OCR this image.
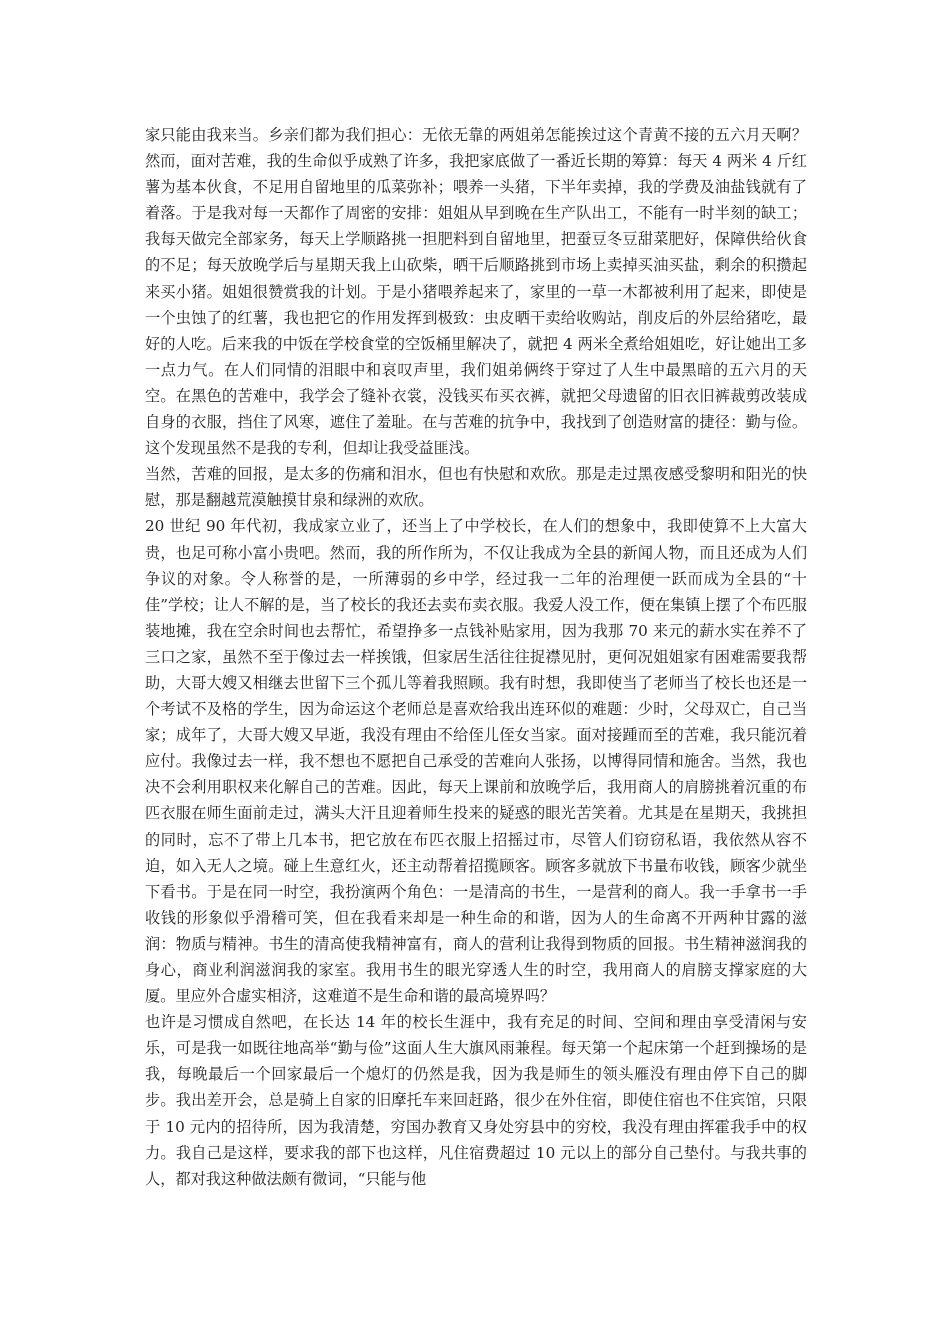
家只能由我来当。乡亲们都为我们担心：无依无靠的两姐弟怎能挨过这个青黄不接的五六月天啊？然而，面对苦难，我的生命似乎成熟了许多，我把家底做了一番近长期的筹算：每天 4 两米 4 斤红薯为基本伙食，不足用自留地里的瓜菜弥补；喂养一头猪，下半年卖掉，我的学费及油盐钱就有了着落。于是我对每一天都作了周密的安排：姐姐从早到晚在生产队出工，不能有一时半刻的缺工；我每天做完全部家务，每天上学顺路挑一担肥料到自留地里，把蚕豆冬豆甜菜肥好，保障供给伙食的不足；每天放晚学后与星期天我上山砍柴，晒干后顺路挑到市场上卖掉买油买盐，剩余的积攒起来买小猪。姐姐很赞赏我的计划。于是小猪喂养起来了，家里的一草一木都被利用了起来，即使是一个虫蚀了的红薯，我也把它的作用发挥到极致：虫皮晒干卖给收购站，削皮后的外层给猪吃，最好的人吃。后来我的中饭在学校食堂的空饭桶里解决了，就把 4 两米全煮给姐姐吃，好让她出工多一点力气。在人们同情的泪眼中和哀叹声里，我们姐弟俩终于穿过了人生中最黑暗的五六月的天空。在黑色的苦难中，我学会了缝补衣裳，没钱买布买衣裤，就把父母遗留的旧衣旧裤裁剪改装成自身的衣服，挡住了风寒，遮住了羞耻。在与苦难的抗争中，我找到了创造财富的捷径：勤与俭。这个发现虽然不是我的专利，但却让我受益匪浅。

当然，苦难的回报，是太多的伤痛和泪水，但也有快慰和欢欣。那是走过黑夜感受黎明和阳光的快慰，那是翻越荒漠触摸甘泉和绿洲的欢欣。

20 世纪 90 年代初，我成家立业了，还当上了中学校长，在人们的想象中，我即使算不上大富大贵，也足可称小富小贵吧。然而，我的所作所为，不仅让我成为全县的新闻人物，而且还成为人们争议的对象。令人称誉的是，一所薄弱的乡中学，经过我一二年的治理便一跃而成为全县的“十佳”学校；让人不解的是，当了校长的我还去卖布卖衣服。我爱人没工作，便在集镇上摆了个布匹服装地摊，我在空余时间也去帮忙，希望挣多一点钱补贴家用，因为我那 70 来元的薪水实在养不了三口之家，虽然不至于像过去一样挨饿，但家居生活往往捉襟见肘，更何况姐姐家有困难需要我帮助，大哥大嫂又相继去世留下三个孤儿等着我照顾。我有时想，我即使当了老师当了校长也还是一个考试不及格的学生，因为命运这个老师总是喜欢给我出连环似的难题：少时，父母双亡，自己当家；成年了，大哥大嫂又早逝，我没有理由不给侄儿侄女当家。面对接踵而至的苦难，我只能沉着应付。我像过去一样，我不想也不愿把自己承受的苦难向人张扬，以博得同情和施舍。当然，我也决不会利用职权来化解自己的苦难。因此，每天上课前和放晚学后，我用商人的肩膀挑着沉重的布匹衣服在师生面前走过，满头大汗且迎着师生投来的疑惑的眼光苦笑着。尤其是在星期天，我挑担的同时，忘不了带上几本书，把它放在布匹衣服上招摇过市，尽管人们窃窃私语，我依然从容不迫，如入无人之境。碰上生意红火，还主动帮着招揽顾客。顾客多就放下书量布收钱，顾客少就坐下看书。于是在同一时空，我扮演两个角色：一是清高的书生，一是营利的商人。我一手拿书一手收钱的形象似乎滑稽可笑，但在我看来却是一种生命的和谐，因为人的生命离不开两种甘露的滋润：物质与精神。书生的清高使我精神富有，商人的营利让我得到物质的回报。书生精神滋润我的身心，商业利润滋润我的家室。我用书生的眼光穿透人生的时空，我用商人的肩膀支撑家庭的大厦。里应外合虚实相济，这难道不是生命和谐的最高境界吗？

也许是习惯成自然吧，在长达 14 年的校长生涯中，我有充足的时间、空间和理由享受清闲与安乐，可是我一如既往地高举“勤与俭”这面人生大旗风雨兼程。每天第一个起床第一个赶到操场的是我，每晚最后一个回家最后一个熄灯的仍然是我，因为我是师生的领头雁没有理由停下自己的脚步。我出差开会，总是骑上自家的旧摩托车来回赶路，很少在外住宿，即使住宿也不住宾馆，只限于 10 元内的招待所，因为我清楚，穷国办教育又身处穷县中的穷校，我没有理由挥霍我手中的权力。我自己是这样，要求我的部下也这样，凡住宿费超过 10 元以上的部分自己垫付。与我共事的人，都对我这种做法颇有微词，“只能与他
